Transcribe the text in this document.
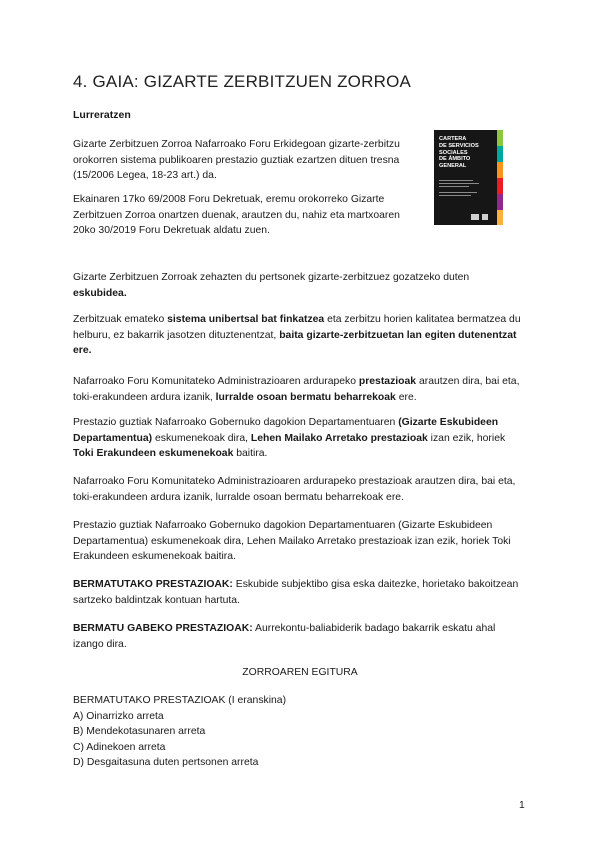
4. GAIA: GIZARTE ZERBITZUEN ZORROA
Lurreratzen
Gizarte Zerbitzuen Zorroa Nafarroako Foru Erkidegoan gizarte-zerbitzu orokorren sistema publikoaren prestazio guztiak ezartzen dituen tresna (15/2006 Legea, 18-23 art.) da.
Ekainaren 17ko 69/2008 Foru Dekretuak, eremu orokorreko Gizarte Zerbitzuen Zorroa onartzen duenak, arautzen du, nahiz eta martxoaren 20ko 30/2019 Foru Dekretuak aldatu zuen.
CARTERA
DE SERVICIOS
SOCIALES
DE ÁMBITO
GENERAL
Gizarte Zerbitzuen Zorroak zehazten du pertsonek gizarte-zerbitzuez gozatzeko duten eskubidea.
Zerbitzuak emateko sistema unibertsal bat finkatzea eta zerbitzu horien kalitatea bermatzea du helburu, ez bakarrik jasotzen dituztenentzat, baita gizarte-zerbitzuetan lan egiten dutenentzat ere.
Nafarroako Foru Komunitateko Administrazioaren ardurapeko prestazioak arautzen dira, bai eta, toki-erakundeen ardura izanik, lurralde osoan bermatu beharrekoak ere.
Prestazio guztiak Nafarroako Gobernuko dagokion Departamentuaren (Gizarte Eskubideen Departamentua) eskumenekoak dira, Lehen Mailako Arretako prestazioak izan ezik, horiek Toki Erakundeen eskumenekoak baitira.
Nafarroako Foru Komunitateko Administrazioaren ardurapeko prestazioak arautzen dira, bai eta, toki-erakundeen ardura izanik, lurralde osoan bermatu beharrekoak ere.
Prestazio guztiak Nafarroako Gobernuko dagokion Departamentuaren (Gizarte Eskubideen Departamentua) eskumenekoak dira, Lehen Mailako Arretako prestazioak izan ezik, horiek Toki Erakundeen eskumenekoak baitira.
BERMATUTAKO PRESTAZIOAK: Eskubide subjektibo gisa eska daitezke, horietako bakoitzean sartzeko baldintzak kontuan hartuta.
BERMATU GABEKO PRESTAZIOAK: Aurrekontu-baliabiderik badago bakarrik eskatu ahal izango dira.
ZORROAREN EGITURA
BERMATUTAKO PRESTAZIOAK (I eranskina)
A) Oinarrizko arreta
B) Mendekotasunaren arreta
C) Adinekoen arreta
D) Desgaitasuna duten pertsonen arreta
1
